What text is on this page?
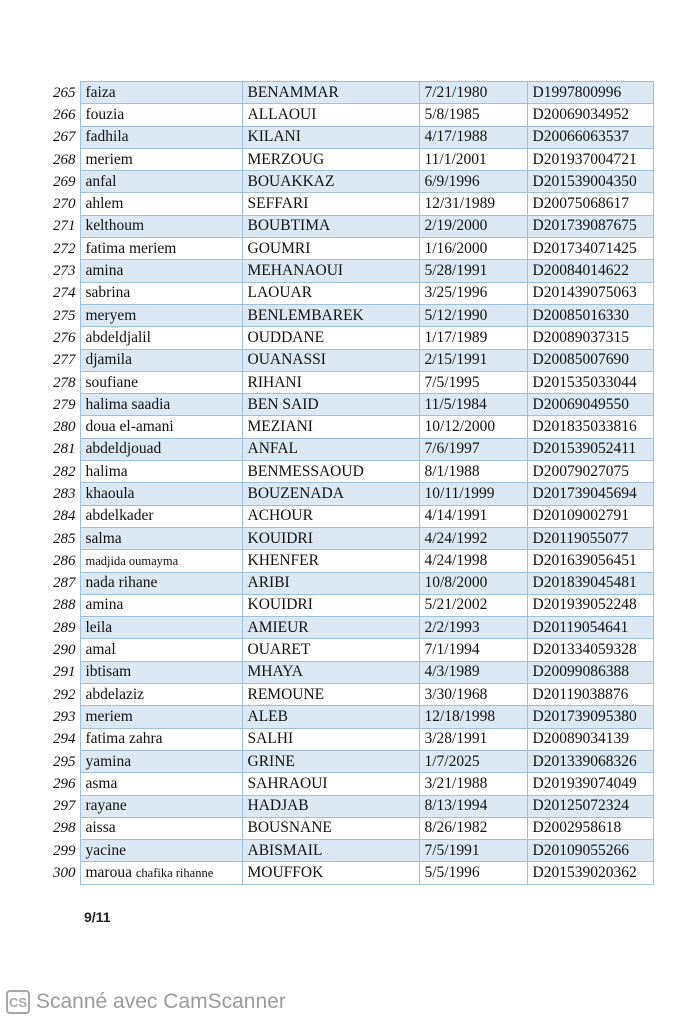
265	faiza	BENAMMAR	7/21/1980	D1997800996
266	fouzia	ALLAOUI	5/8/1985	D20069034952
267	fadhila	KILANI	4/17/1988	D20066063537
268	meriem	MERZOUG	11/1/2001	D201937004721
269	anfal	BOUAKKAZ	6/9/1996	D201539004350
270	ahlem	SEFFARI	12/31/1989	D20075068617
271	kelthoum	BOUBTIMA	2/19/2000	D201739087675
272	fatima meriem	GOUMRI	1/16/2000	D201734071425
273	amina	MEHANAOUI	5/28/1991	D20084014622
274	sabrina	LAOUAR	3/25/1996	D201439075063
275	meryem	BENLEMBAREK	5/12/1990	D20085016330
276	abdeldjalil	OUDDANE	1/17/1989	D20089037315
277	djamila	OUANASSI	2/15/1991	D20085007690
278	soufiane	RIHANI	7/5/1995	D201535033044
279	halima saadia	BEN SAID	11/5/1984	D20069049550
280	doua el-amani	MEZIANI	10/12/2000	D201835033816
281	abdeldjouad	ANFAL	7/6/1997	D201539052411
282	halima	BENMESSAOUD	8/1/1988	D20079027075
283	khaoula	BOUZENADA	10/11/1999	D201739045694
284	abdelkader	ACHOUR	4/14/1991	D20109002791
285	salma	KOUIDRI	4/24/1992	D20119055077
286	madjida oumayma	KHENFER	4/24/1998	D201639056451
287	nada rihane	ARIBI	10/8/2000	D201839045481
288	amina	KOUIDRI	5/21/2002	D201939052248
289	leila	AMIEUR	2/2/1993	D20119054641
290	amal	OUARET	7/1/1994	D201334059328
291	ibtisam	MHAYA	4/3/1989	D20099086388
292	abdelaziz	REMOUNE	3/30/1968	D20119038876
293	meriem	ALEB	12/18/1998	D201739095380
294	fatima zahra	SALHI	3/28/1991	D20089034139
295	yamina	GRINE	1/7/2025	D201339068326
296	asma	SAHRAOUI	3/21/1988	D201939074049
297	rayane	HADJAB	8/13/1994	D20125072324
298	aissa	BOUSNANE	8/26/1982	D2002958618
299	yacine	ABISMAIL	7/5/1991	D20109055266
300	maroua chafika rihanne	MOUFFOK	5/5/1996	D201539020362
9/11
CS Scanné avec CamScanner
